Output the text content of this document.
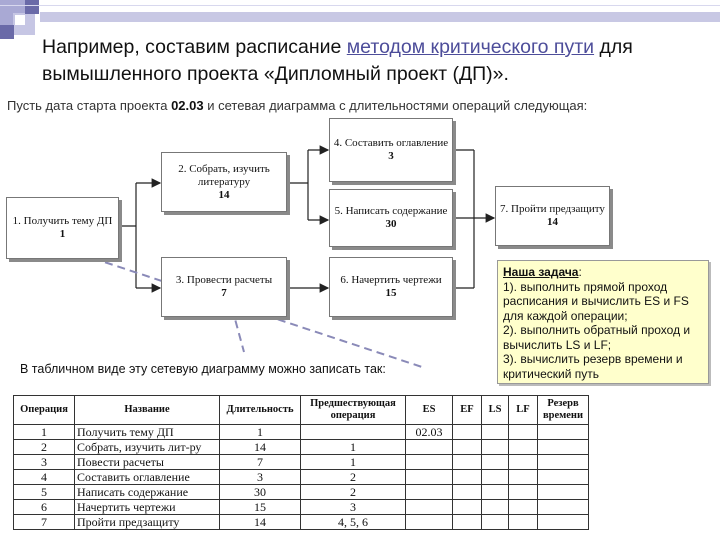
Например, составим расписание методом критического пути для вымышленного проекта «Дипломный проект (ДП)».
Пусть дата старта проекта 02.03 и сетевая диаграмма с длительностями операций следующая:
1. Получить тему ДП
1
2. Собрать, изучить литературу
14
3. Провести расчеты
7
4. Составить оглавление
3
5. Написать содержание
30
6. Начертить чертежи
15
7. Пройти предзащиту
14
Наша задача:
1). выполнить прямой проход расписания и вычислить ES и FS для каждой операции;
2). выполнить обратный проход и вычислить LS и LF;
3). вычислить резерв времени и критический путь
В табличном виде эту сетевую диаграмму можно записать так:
Операция	Название	Длительность	Предшествующая операция	ES	EF	LS	LF	Резерв времени
1	Получить тему ДП	1		02.03				
2	Собрать, изучить лит-ру	14	1					
3	Повести расчеты	7	1					
4	Составить оглавление	3	2					
5	Написать содержание	30	2					
6	Начертить чертежи	15	3					
7	Пройти предзащиту	14	4, 5, 6					
